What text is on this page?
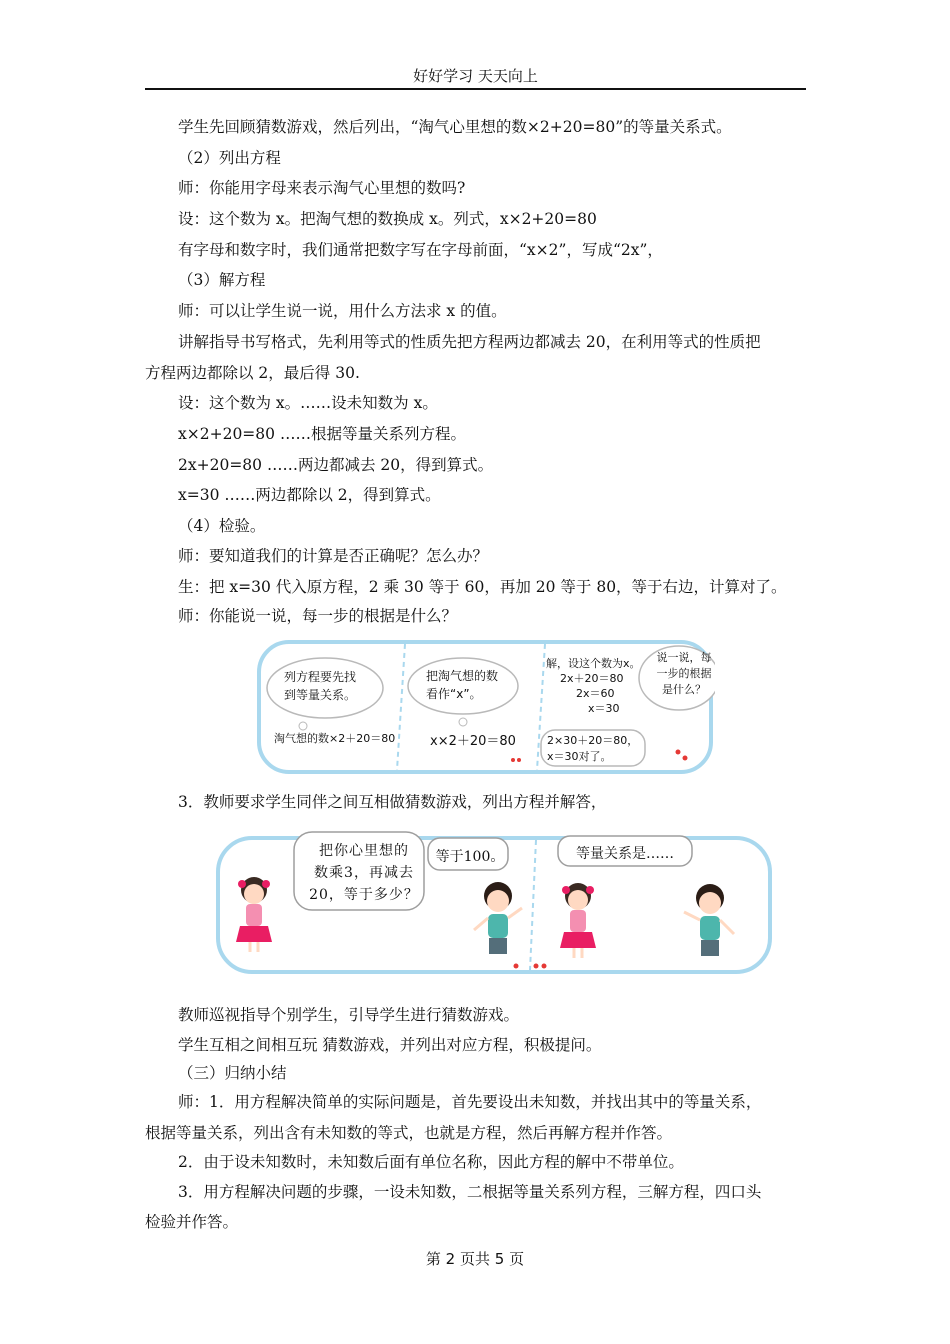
好好学习 天天向上
学生先回顾猜数游戏，然后列出，“淘气心里想的数×2+20=80”的等量关系式。
（2）列出方程
师：你能用字母来表示淘气心里想的数吗?
设：这个数为 x。把淘气想的数换成 x。列式，x×2+20=80
有字母和数字时，我们通常把数字写在字母前面，“x×2”，写成“2x”，
（3）解方程
师：可以让学生说一说，用什么方法求 x 的值。
讲解指导书写格式，先利用等式的性质先把方程两边都减去 20，在利用等式的性质把
方程两边都除以 2，最后得 30.
设：这个数为 x。……设未知数为 x。
x×2+20=80 ……根据等量关系列方程。
2x+20=80 ……两边都减去 20，得到算式。
x=30 ……两边都除以 2，得到算式。
（4）检验。
师：要知道我们的计算是否正确呢？怎么办？
生：把 x=30 代入原方程，2 乘 30 等于 60，再加 20 等于 80，等于右边，计算对了。
师：你能说一说，每一步的根据是什么？
3．教师要求学生同伴之间互相做猜数游戏，列出方程并解答，
教师巡视指导个别学生，引导学生进行猜数游戏。
学生互相之间相互玩 猜数游戏，并列出对应方程，积极提问。
（三）归纳小结
师：1．用方程解决简单的实际问题是，首先要设出未知数，并找出其中的等量关系，
根据等量关系，列出含有未知数的等式，也就是方程，然后再解方程并作答。
2．由于设未知数时，未知数后面有单位名称，因此方程的解中不带单位。
3．用方程解决问题的步骤，一设未知数，二根据等量关系列方程，三解方程，四口头
检验并作答。
列方程要先找
到等量关系。
淘气想的数×2＋20＝80
把淘气想的数
看作“x”。
x×2＋20＝80
解，设这个数为x。
2x＋20＝80
2x＝60
x＝30
说一说，每
一步的根据
是什么？
2×30＋20＝80，
x＝30对了。
把你心里想的
数乘3，再减去
20，等于多少？
等于100。	等量关系是……
第 2 页共 5 页
